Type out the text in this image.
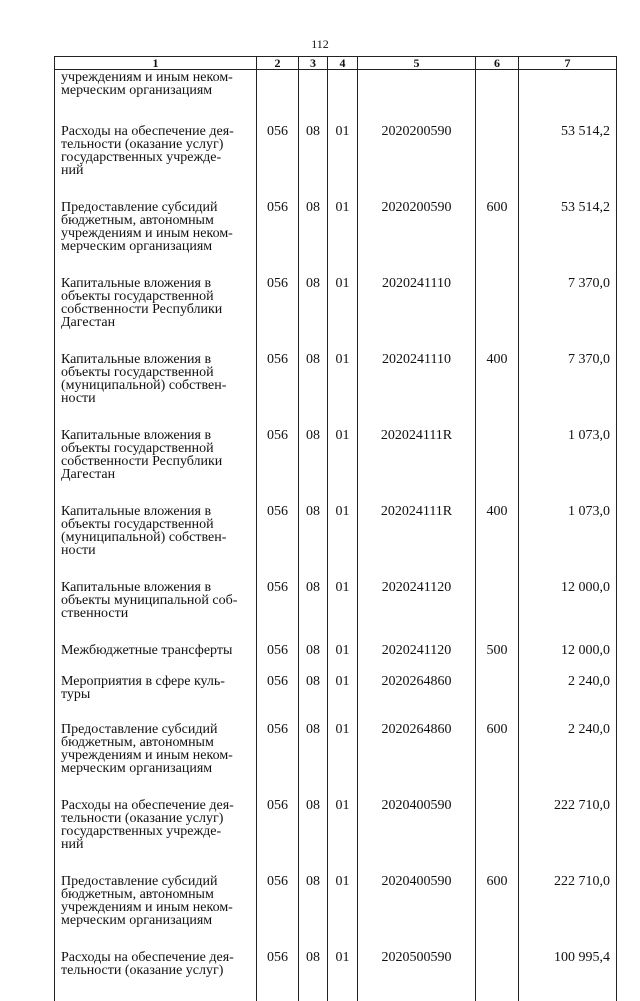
112
1	2	3	4	5	6	7

учреждениям и иным неком-
мерческим организациям						

Расходы на обеспечение дея-
тельности (оказание услуг)
государственных учрежде-
ний	056	08	01	2020200590		53 514,2

Предоставление субсидий
бюджетным, автономным
учреждениям и иным неком-
мерческим организациям	056	08	01	2020200590	600	53 514,2

Капитальные вложения в
объекты государственной
собственности Республики
Дагестан	056	08	01	2020241110		7 370,0

Капитальные вложения в
объекты государственной
(муниципальной) собствен-
ности	056	08	01	2020241110	400	7 370,0

Капитальные вложения в
объекты государственной
собственности Республики
Дагестан	056	08	01	202024111R		1 073,0

Капитальные вложения в
объекты государственной
(муниципальной) собствен-
ности	056	08	01	202024111R	400	1 073,0

Капитальные вложения в
объекты муниципальной соб-
ственности	056	08	01	2020241120		12 000,0

Межбюджетные трансферты	056	08	01	2020241120	500	12 000,0

Мероприятия в сфере куль-
туры	056	08	01	2020264860		2 240,0

Предоставление субсидий
бюджетным, автономным
учреждениям и иным неком-
мерческим организациям	056	08	01	2020264860	600	2 240,0

Расходы на обеспечение дея-
тельности (оказание услуг)
государственных учрежде-
ний	056	08	01	2020400590		222 710,0

Предоставление субсидий
бюджетным, автономным
учреждениям и иным неком-
мерческим организациям	056	08	01	2020400590	600	222 710,0

Расходы на обеспечение дея-
тельности (оказание услуг)	056	08	01	2020500590		100 995,4
